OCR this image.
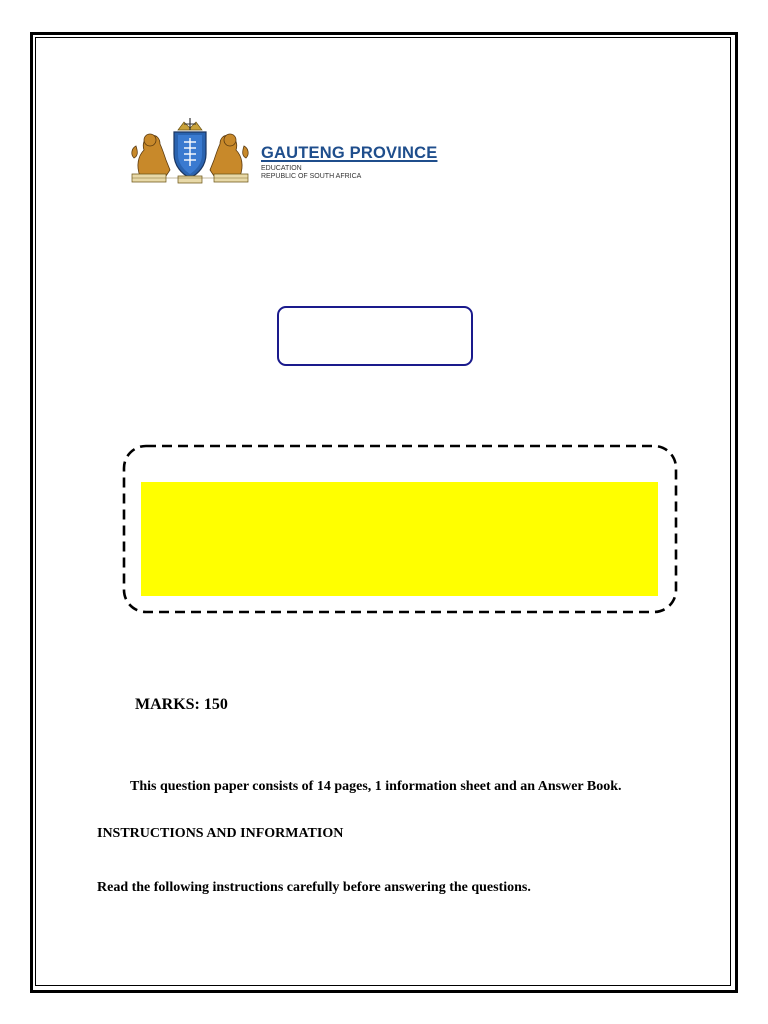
GAUTENG PROVINCE
EDUCATION
REPUBLIC OF SOUTH AFRICA
MARKS: 150
This question paper consists of 14 pages, 1 information sheet and an Answer Book.
INSTRUCTIONS AND INFORMATION
Read the following instructions carefully before answering the questions.
